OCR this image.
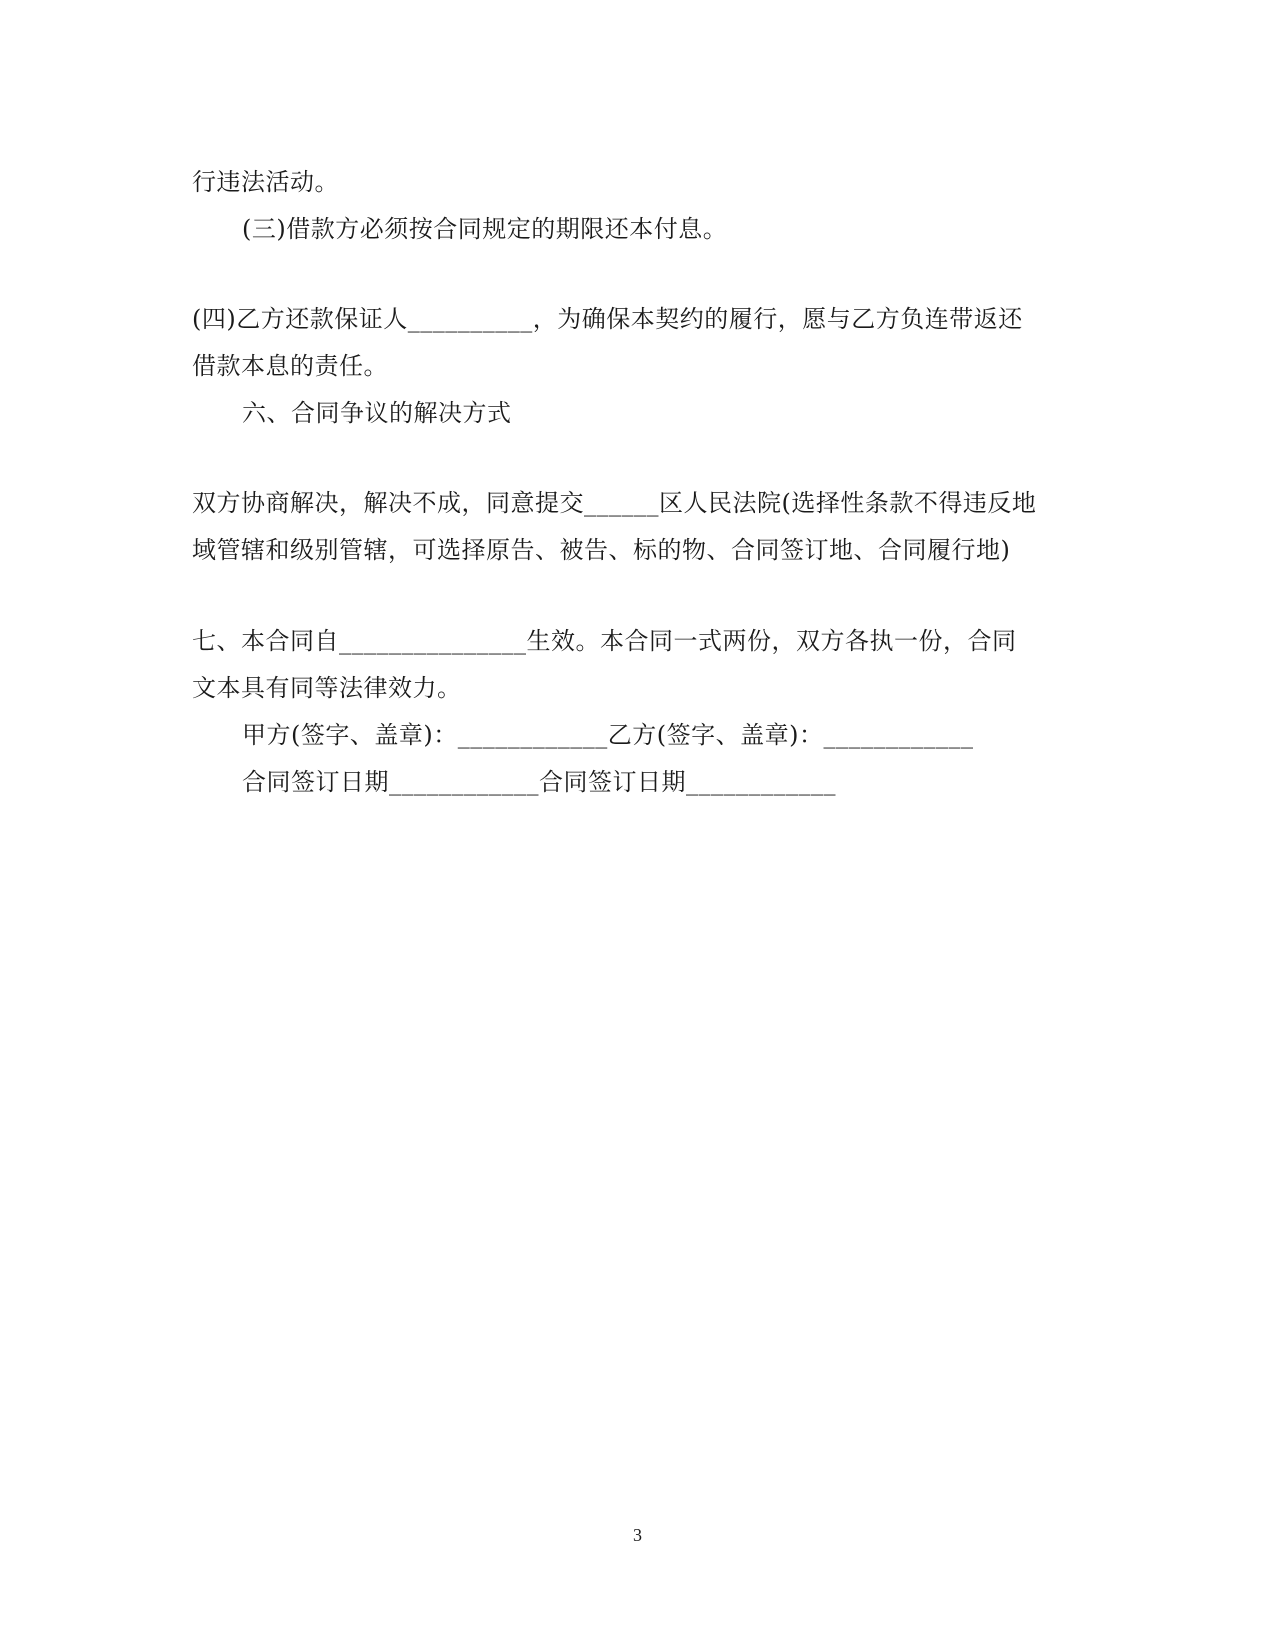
行违法活动。
(三)借款方必须按合同规定的期限还本付息。
(四)乙方还款保证人__________，为确保本契约的履行，愿与乙方负连带返还
借款本息的责任。
六、合同争议的解决方式
双方协商解决，解决不成，同意提交______区人民法院(选择性条款不得违反地
域管辖和级别管辖，可选择原告、被告、标的物、合同签订地、合同履行地)
七、本合同自_______________生效。本合同一式两份，双方各执一份，合同
文本具有同等法律效力。
甲方(签字、盖章)：____________乙方(签字、盖章)：____________
合同签订日期____________合同签订日期____________
3
